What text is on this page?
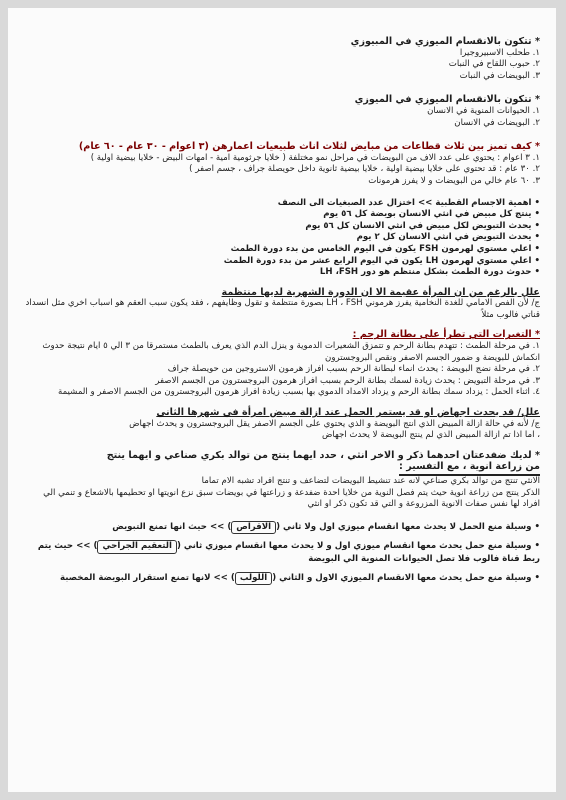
* تتكون بالانقسام الميوزي في المبيوزي
١. طحلب الاسبيروجيرا
٢. حبوب اللقاح في النبات
٣. البويضات في النبات
* تتكون بالانقسام الميوزي في الميوزي
١. الحيوانات المنوية في الانسان
٢. البويضات في الانسان
* كيف تميز بين ثلاث قطاعات من مبايض لثلاث اناث طبيعيات اعمارهن (٣ اعوام - ٣٠ عام - ٦٠ عام)
١. ٣ اعوام : يحتوي على عدد الاف من البويضات في مراحل نمو مختلفة ( خلايا جرثومية امية - امهات البيض - خلايا بيضية اولية )
٢. ٣٠ عام : قد تحتوي على خلايا بيضية اولية ، خلايا بيضية ثانوية داخل حويصلة جراف ، جسم اصفر )
٣. ٦٠ عام خالي من البويضات و لا يفرز هرمونات
• اهمية الاجسام القطبية >> اختزال عدد الصبغيات الى النصف
• ينتج كل مبيض في انثي الانسان بويضة كل ٥٦ يوم
• يحدث التبويض لكل مبيض في انثي الانسان كل ٥٦ يوم
• يحدث التبويض في انثي الانسان كل ٢ يوم
• اعلي مستوي لهرمون FSH يكون في اليوم الخامس من بدء دورة الطمث
• اعلي مستوي لهرمون LH يكون في اليوم الرابع عشر من بدء دورة الطمث
• حدوث دورة الطمث بشكل منتظم هو دور LH ،FSH
علل بالرغم من ان المرأة عقيمة الا ان الدورة الشهرية لديها منتظمة
ج/ لأن الفص الامامي للغدة النخامية يفرز هرموني LH ، FSH بصورة منتظمة و تقول وظايفهم ، فقد يكون سبب العقم هو اسباب اخري مثل انسداد قناتي فالوب مثلاً
* التغيرات التي تطرأ علي بطانة الرحم :
١. في مرحلة الطمث : تتهدم بطانة الرحم و تتمزق الشعيرات الدموية و ينزل الدم الذي يعرف بالطمث مستمرقا من ٣ الي ٥ ايام نتيجة حدوث انكماش للبويضة و ضمور الجسم الاصفر ونقص البروجسترون
٢. في مرحلة نضج البويضة : يحدث انماء لبطانة الرحم بسبب افراز هرمون الاستروجين من حويصلة جراف
٣. في مرحلة التبويض : يحدث زيادة لسمك بطانة الرحم بسبب افراز هرمون البروجسترون من الجسم الاصفر
٤. اثناء الحمل : يزداد سمك بطانة الرحم و يزداد الامداد الدموي بها بسبب زيادة افراز هرمون البروجسترون من الجسم الاصفر و المشيمة
علل/ قد يحدث اجهاض او قد يستمر الحمل عند ازالة مبيض امرأة في شهرها الثاني
ج/ لأنه في حالة ازالة المبيض الذي انتج البويضة و الذي يحتوي على الجسم الاصفر يقل البروجسترون و يحدث اجهاض
، اما اذا تم ازالة المبيض الذي لم ينتج البويضة لا يحدث اجهاض
* لديك ضفدعتان احدهما ذكر و الاخر انثي ، حدد ايهما ينتج من توالد بكري صناعي و ايهما ينتج
من زراعة انوية ، مع التفسير :
الانثي تنتج من توالد بكري صناعي لانه عند تنشيط البويضات لتضاعف و تنتج افراد تشبه الام تماما
الذكر ينتج من زراعة انوية حيث يتم فصل النوية من خلايا احدة ضفدعة و زراعتها في بويضات سبق نزع انويتها او تحطيمها بالاشعاع و تنمي الي افراد لها نفس صفات الانوية المزروعة و التي قد تكون ذكر او انثي
• وسيلة منع الحمل لا يحدث معها انقسام ميوزي اول ولا ثاني (الاقراص) >> حيث انها تمنع التبويض
• وسيلة منع حمل يحدث معها انقسام ميوزي اول و لا يحدث معها انقسام ميوزي ثاني (التعقيم الجراحي) >> حيث يتم ربط قناة فالوب فلا تصل الحيوانات المنوية الي البويضة
• وسيلة منع حمل يحدث معها الانقسام الميوزي الاول و الثاني (اللولب) >> لانها تمنع استقرار البويضة المخصبة
